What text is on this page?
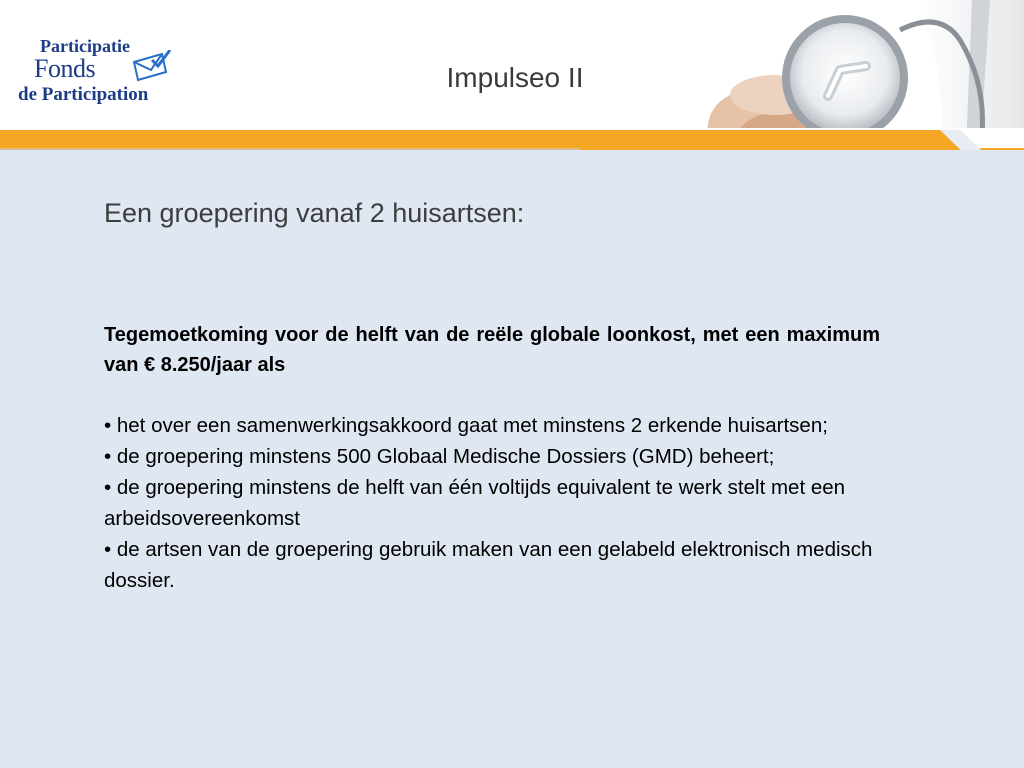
Participatie
Fonds
de Participation
Impulseo II
Een groepering vanaf 2 huisartsen:
Tegemoetkoming voor de helft van de reële globale loonkost, met een maximum van € 8.250/jaar als

• het over een samenwerkingsakkoord gaat met minstens 2 erkende huisartsen;

• de groepering minstens 500 Globaal Medische Dossiers (GMD) beheert;

• de groepering minstens de helft van één voltijds equivalent te werk stelt met een arbeidsovereenkomst

• de artsen van de groepering gebruik maken van een gelabeld elektronisch medisch dossier.
